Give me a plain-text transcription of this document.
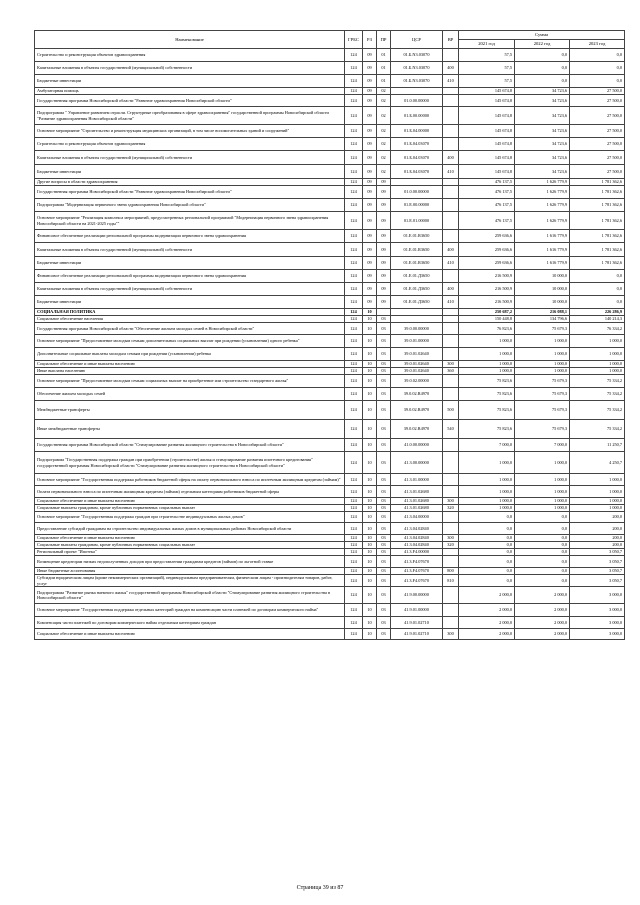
Наименование	ГРБС	РЗ	ПР	ЦСР	ВР	Сумма		
						2021 год	2022 год	2023 год
Строительство и реконструкция объектов здравоохранения	124	09	01	01.Б.N3.03070		57,5	0,0	0,0
Капитальные вложения в объекты государственной (муниципальной) собственности	124	09	01	01.Б.N3.03070	400	57,5	0,0	0,0
Бюджетные инвестиции	124	09	01	01.Б.N3.03070	410	57,5	0,0	0,0
Амбулаторная помощь	124	09	02			145 674,8	34 723,6	27 500,0
Государственная программа Новосибирской области "Развитие здравоохранения Новосибирской области"	124	09	02	01.0.00.00000		145 674,8	34 723,6	27 500,0
Подпрограмма " Управление развитием отрасли. Структурные преобразования в сфере здравоохранения" государственной программы Новосибирской области "Развитие здравоохранения Новосибирской области"	124	09	02	01.Б.00.00000		145 674,8	34 723,6	27 500,0
Основное мероприятие "Строительство и реконструкция медицинских организаций, в том числе вспомогательных зданий и сооружений"	124	09	02	01.Б.04.00000		145 674,8	34 723,6	27 500,0
Строительство и реконструкция объектов здравоохранения	124	09	02	01.Б.04.03070		145 674,8	34 723,6	27 500,0
Капитальные вложения в объекты государственной (муниципальной) собственности	124	09	02	01.Б.04.03070	400	145 674,8	34 723,6	27 500,0
Бюджетные инвестиции	124	09	02	01.Б.04.03070	410	145 674,8	34 723,6	27 500,0
Другие вопросы в области здравоохранения	124	09	09			476 137,5	1 626 779,9	1 781 362,6
Государственная программа Новосибирской области "Развитие здравоохранения Новосибирской области"	124	09	09	01.0.00.00000		476 137,5	1 626 779,9	1 781 362,6
Подпрограмма "Модернизация первичного звена здравоохранения Новосибирской области"	124	09	09	01.Е.00.00000		476 137,5	1 626 779,9	1 781 362,6
Основное мероприятие "Реализация комплекса мероприятий, предусмотренных региональной программой "Модернизация первичного звена здравоохранения Новосибирской области на 2021-2025 годы""	124	09	09	01.Е.01.00000		476 137,5	1 626 779,9	1 781 362,6
Финансовое обеспечение реализации региональной программы модернизации первичного звена здравоохранения	124	09	09	01.Е.01.R3650		259 636,6	1 616 779,9	1 781 362,6
Капитальные вложения в объекты государственной (муниципальной) собственности	124	09	09	01.Е.01.R3650	400	259 636,6	1 616 779,9	1 781 362,6
Бюджетные инвестиции	124	09	09	01.Е.01.R3650	410	259 636,6	1 616 779,9	1 781 362,6
Финансовое обеспечение реализации региональной программы модернизации первичного звена здравоохранения	124	09	09	01.Е.01.Д3650		216 500,9	10 000,0	0,0
Капитальные вложения в объекты государственной (муниципальной) собственности	124	09	09	01.Е.01.Д3650	400	216 500,9	10 000,0	0,0
Бюджетные инвестиции	124	09	09	01.Е.01.Д3650	410	216 500,9	10 000,0	0,0
СОЦИАЛЬНАЯ ПОЛИТИКА	124	10				250 687,2	216 088,1	226 286,9
Социальное обеспечение населения	124	10	03			150 448,8	134 796,6	140 214,3
Государственная программа Новосибирской области "Обеспечение жильем молодых семей в Новосибирской области"	124	10	03	39.0.00.00000		76 823,6	75 679,3	76 334,2
Основное мероприятие "Предоставление молодым семьям дополнительных социальных выплат при рождении (усыновлении) одного ребенка"	124	10	03	39.0.01.00000		1 000,0	1 000,0	1 000,0
Дополнительные социальные выплаты молодым семьям при рождении (усыновлении) ребенка	124	10	03	39.0.01.02640		1 000,0	1 000,0	1 000,0
Социальное обеспечение и иные выплаты населению	124	10	03	39.0.01.02640	300	1 000,0	1 000,0	1 000,0
Иные выплаты населению	124	10	03	39.0.01.02640	360	1 000,0	1 000,0	1 000,0
Основное мероприятие "Предоставление молодым семьям социальных выплат на приобретение или строительство стандартного жилья"	124	10	03	39.0.02.00000		75 823,6	75 679,3	75 334,2
Обеспечение жильем молодых семей	124	10	03	39.0.02.R4970		75 823,6	75 679,3	75 334,2
Межбюджетные трансферты	124	10	03	39.0.02.R4970	500	75 823,6	75 679,3	75 334,2
Иные межбюджетные трансферты	124	10	03	39.0.02.R4970	540	75 823,6	75 679,3	75 334,2
Государственная программа Новосибирской области "Стимулирование развития жилищного строительства в Новосибирской области"	124	10	03	41.0.00.00000		7 000,0	7 000,0	11 250,7
Подпрограмма "Государственная поддержка граждан при приобретении (строительстве) жилья и стимулирование развития ипотечного кредитования" государственной программы Новосибирской области "Стимулирование развития жилищного строительства в Новосибирской области"	124	10	03	41.3.00.00000		1 000,0	1 000,0	4 250,7
Основное мероприятие "Государственная поддержка работников бюджетной сферы на оплату первоначального взноса по ипотечным жилищным кредитам (займам)"	124	10	03	41.3.01.00000		1 000,0	1 000,0	1 000,0
Оплата первоначального взноса по ипотечным жилищным кредитам (займам) отдельным категориям работников бюджетной сферы	124	10	03	41.3.01.02680		1 000,0	1 000,0	1 000,0
Социальное обеспечение и иные выплаты населению	124	10	03	41.3.01.02680	300	1 000,0	1 000,0	1 000,0
Социальные выплаты гражданам, кроме публичных нормативных социальных выплат	124	10	03	41.3.01.02680	320	1 000,0	1 000,0	1 000,0
Основное мероприятие "Государственная поддержка граждан при строительстве индивидуальных жилых домов"	124	10	03	41.3.04.00000		0,0	0,0	200,0
Предоставление субсидий гражданам на строительство индивидуальных жилых домов в муниципальных районах Новосибирской области	124	10	03	41.3.04.02840		0,0	0,0	200,0
Социальное обеспечение и иные выплаты населению	124	10	03	41.3.04.02840	300	0,0	0,0	200,0
Социальные выплаты гражданам, кроме публичных нормативных социальных выплат	124	10	03	41.3.04.02840	320	0,0	0,0	200,0
Региональный проект "Ипотека"	124	10	03	41.3.F4.00000		0,0	0,0	3 050,7
Возмещение кредиторам низких недополученных доходов при предоставлении гражданам кредитов (займов) по льготной ставке	124	10	03	41.3.F4.07670		0,0	0,0	3 050,7
Иные бюджетные ассигнования	124	10	03	41.3.F4.07670	800	0,0	0,0	3 050,7
Субсидии юридическим лицам (кроме некоммерческих организаций), индивидуальным предпринимателям, физическим лицам - производителям товаров, работ, услуг	124	10	03	41.3.F4.07670	810	0,0	0,0	3 050,7
Подпрограмма "Развитие рынка наемного жилья" государственной программы Новосибирской области "Стимулирование развития жилищного строительства в Новосибирской области"	124	10	03	41.9.00.00000		2 000,0	2 000,0	3 000,0
Основное мероприятие "Государственная поддержка отдельных категорий граждан на компенсацию части платежей по договорам коммерческого найма"	124	10	03	41.9.01.00000		2 000,0	2 000,0	3 000,0
Компенсация части платежей по договорам коммерческого найма отдельным категориям граждан	124	10	03	41.9.01.02710		2 000,0	2 000,0	3 000,0
Социальное обеспечение и иные выплаты населению	124	10	03	41.9.01.02710	300	2 000,0	2 000,0	3 000,0
Страница 39 из 87
